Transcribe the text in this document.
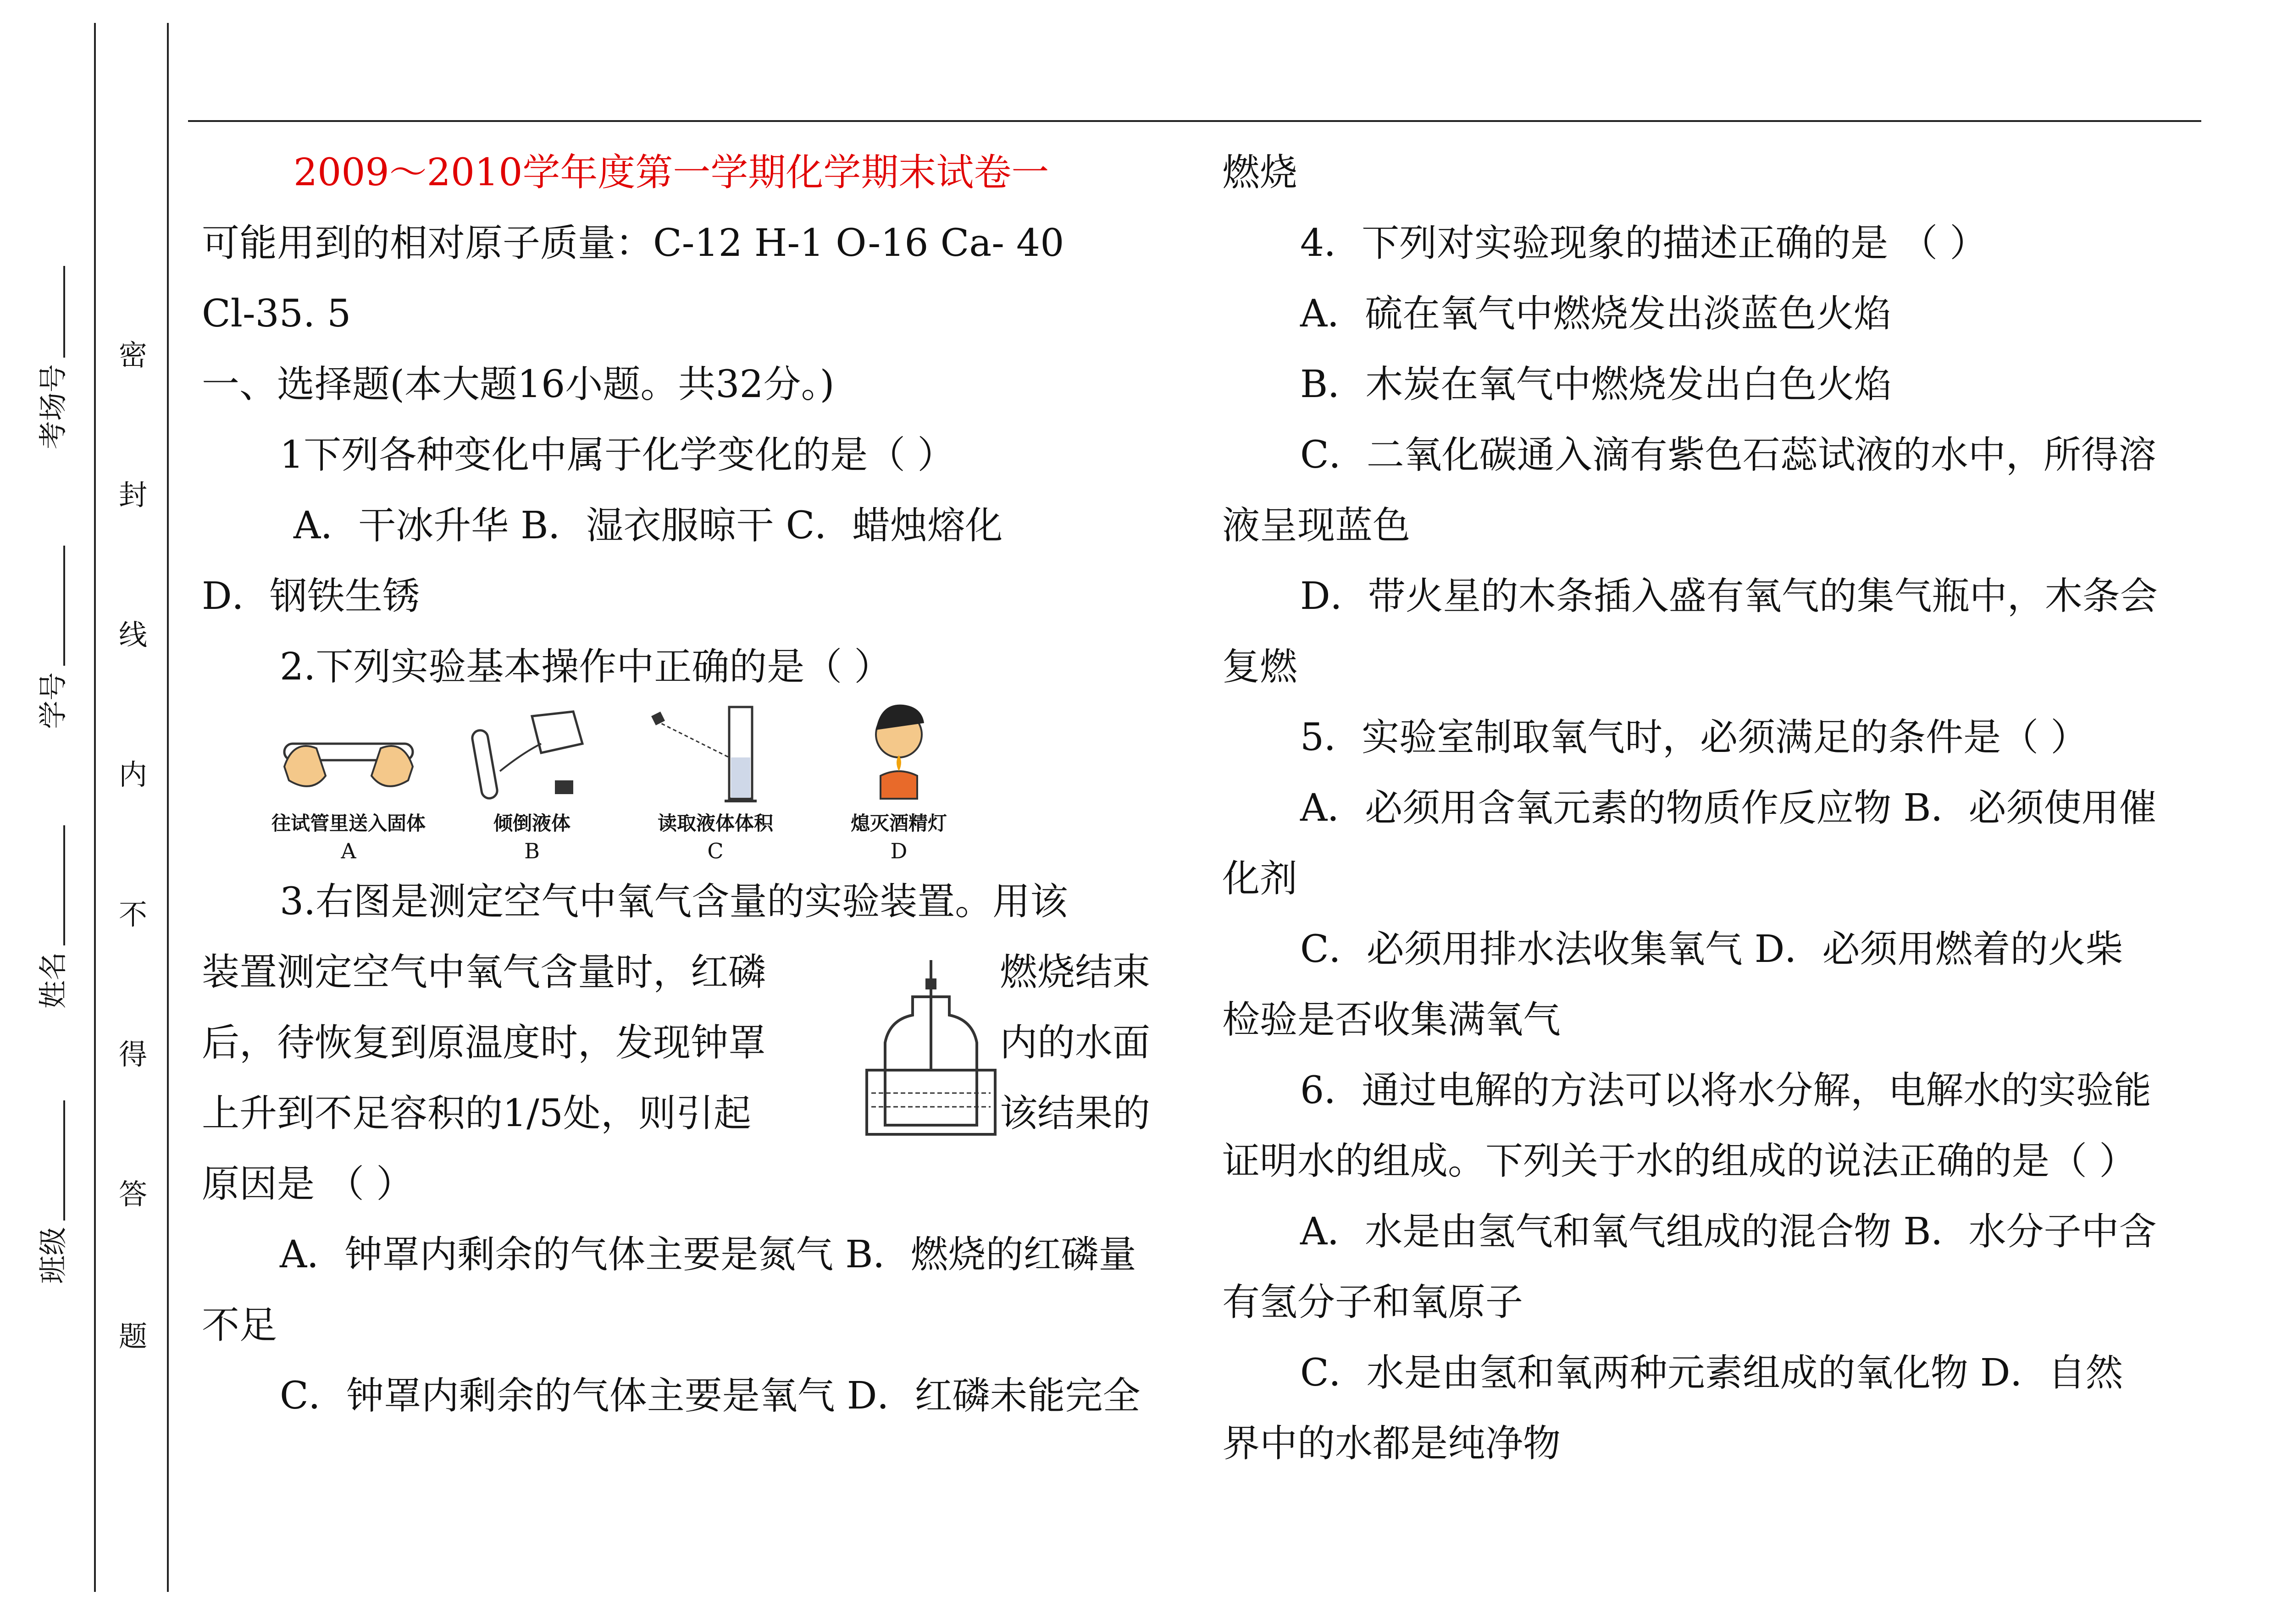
密
封
线
内
不
得
答
题
考场号
学号
姓名
班级

2009～2010学年度第一学期化学期末试卷一

可能用到的相对原子质量：C-12 H-1 O-16 Ca- 40

Cl-35. 5

一、选择题(本大题16小题。共32分。)

1下列各种变化中属于化学变化的是（ ）

A．干冰升华 B．湿衣服晾干 C．蜡烛熔化

D．钢铁生锈

2.下列实验基本操作中正确的是（ ）

往试管里送入固体
A
倾倒液体
B
读取液体体积
C
熄灭酒精灯
D

3.右图是测定空气中氧气含量的实验装置。用该

装置测定空气中氧气含量时，红磷

后，待恢复到原温度时，发现钟罩

上升到不足容积的1/5处，则引起

原因是 （ ）

燃烧结束

内的水面

该结果的

A．钟罩内剩余的气体主要是氮气 B．燃烧的红磷量

不足

C．钟罩内剩余的气体主要是氧气 D．红磷未能完全

燃烧

4．下列对实验现象的描述正确的是 （ ）

A．硫在氧气中燃烧发出淡蓝色火焰

B．木炭在氧气中燃烧发出白色火焰

C．二氧化碳通入滴有紫色石蕊试液的水中，所得溶

液呈现蓝色

D．带火星的木条插入盛有氧气的集气瓶中，木条会

复燃

5．实验室制取氧气时，必须满足的条件是（ ）

A．必须用含氧元素的物质作反应物 B．必须使用催

化剂

C．必须用排水法收集氧气 D．必须用燃着的火柴

检验是否收集满氧气

6．通过电解的方法可以将水分解，电解水的实验能

证明水的组成。下列关于水的组成的说法正确的是（ ）

A．水是由氢气和氧气组成的混合物 B．水分子中含

有氢分子和氧原子

C．水是由氢和氧两种元素组成的氧化物 D．自然

界中的水都是纯净物
